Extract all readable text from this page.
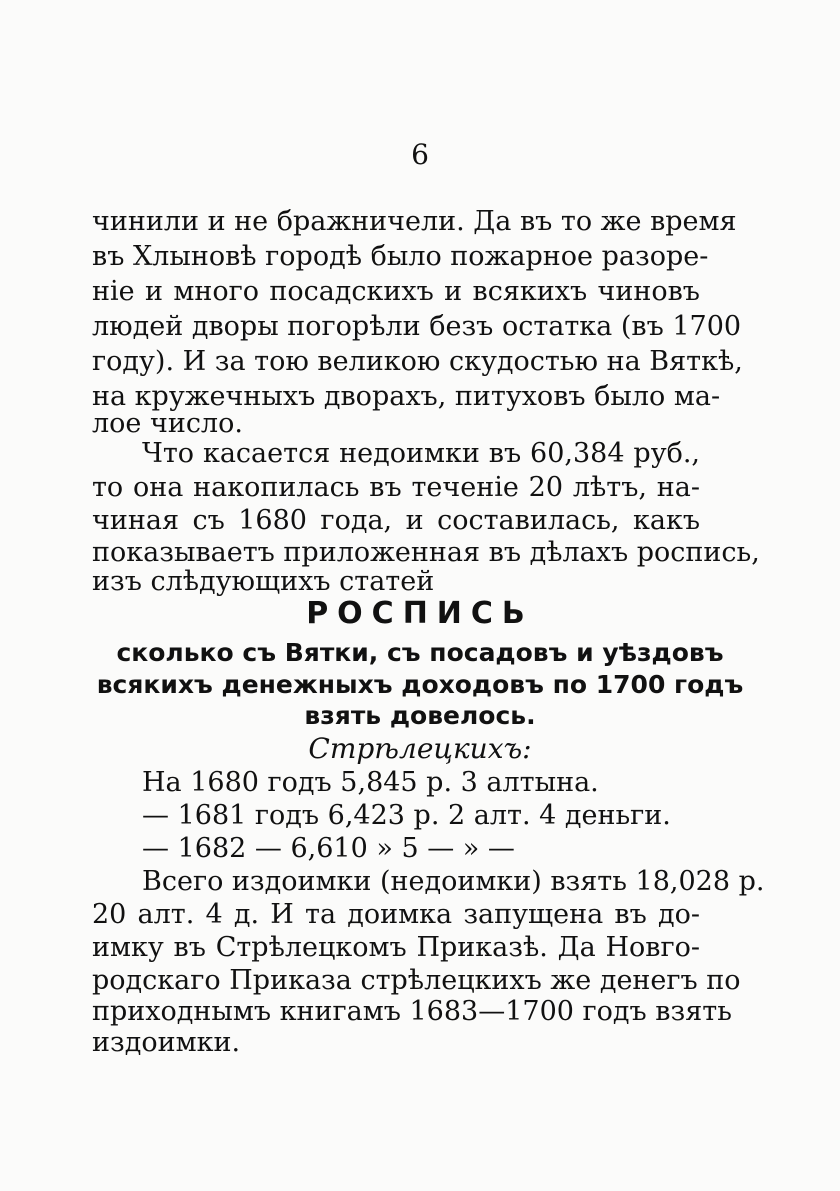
6
чинили и не бражничели. Да въ то же время
въ Хлыновѣ городѣ было пожарное разоре-
нiе и много посадскихъ и всякихъ чиновъ
людей дворы погорѣли безъ остатка (въ 1700
году). И за тою великою скудостью на Вяткѣ,
на кружечныхъ дворахъ, питуховъ было ма-
лое число.
Что касается недоимки въ 60,384 руб.,
то она накопилась въ теченiе 20 лѣтъ, на-
чиная съ 1680 года, и составилась, какъ
показываетъ приложенная въ дѣлахъ роспись,
изъ слѣдующихъ статей
РОСПИСЬ
сколько съ Вятки, съ посадовъ и уѣздовъ
всякихъ денежныхъ доходовъ по 1700 годъ
взять довелось.
Стрѣлецкихъ:
На 1680 годъ 5,845 р. 3 алтына.
— 1681 годъ 6,423 р. 2 алт. 4 деньги.
— 1682 — 6,610 » 5 — » —
Всего издоимки (недоимки) взять 18,028 р.
20 алт. 4 д. И та доимка запущена въ до-
имку въ Стрѣлецкомъ Приказѣ. Да Новго-
родскаго Приказа стрѣлецкихъ же денегъ по
приходнымъ книгамъ 1683—1700 годъ взять
издоимки.
